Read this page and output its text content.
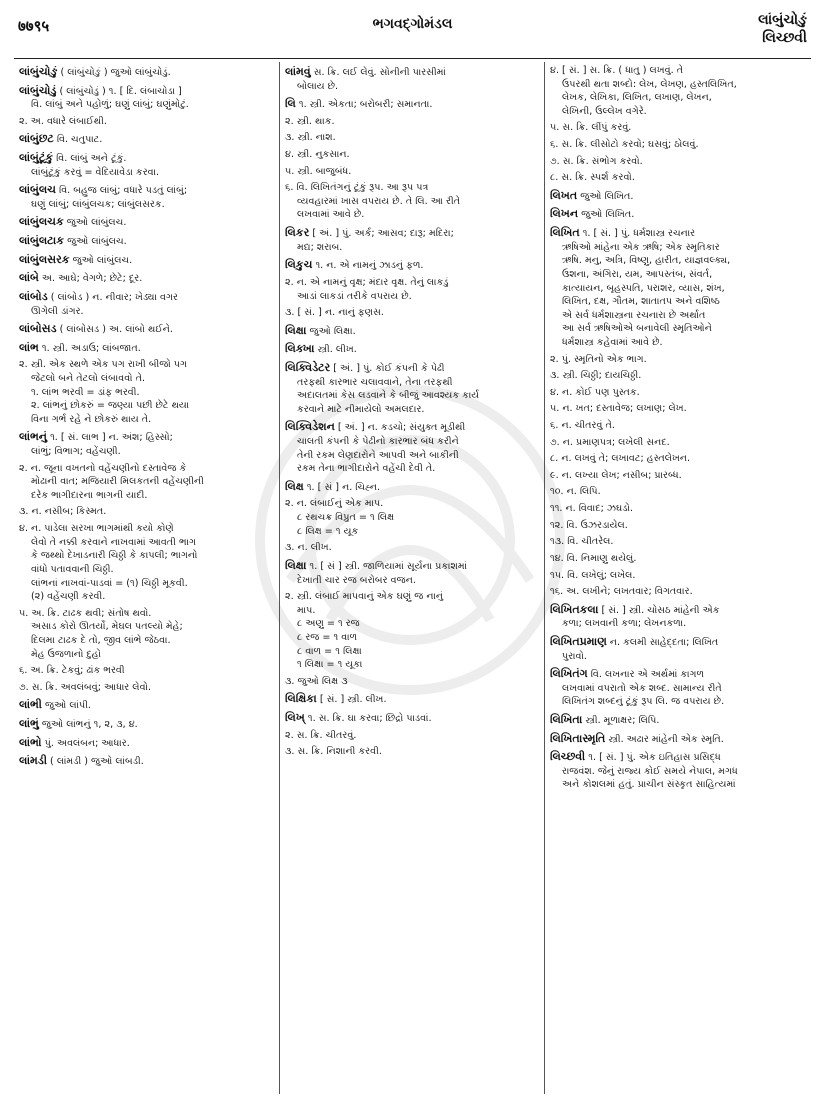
७७९५	ભગવદ્ગોમંડલ	લાંબુંચોઙું
લિચ્છવી
લાંબુંચોઙું ( લાંબુંચોઙું ) જુઓ લાંબુંચોડું.
લાંબુંચોડું ( લાંબુંચોડું ) ૧. [ દિ. લંબાચોડા ]
વિ. લાંબું અને પહોળું; ઘણું લાંબું; ઘણુંમોટું.
૨. અ. વધારે લંબાઈથી.
લાંબુંછટ વિ. ચતુપાટ.
લાંબુંટૂંકું વિ. લાંબું અને ટૂંકું.
લાંબુંટૂંકું કરવું = વેદિયાવેડા કરવા.
લાંબુંલચ વિ. બહુજ લાંબું; વધારે પડતું લાંબું;
ઘણું લાંબું; લાંબુંલચક; લાંબુંલસરક.
લાંબુંલચક જુઓ લાંબુંલચ.
લાંબુંલટાક જુઓ લાંબુંલચ.
લાંબુંલસરક જુઓ લાંબુંલચ.
લાંબે અ. આઘે; વેગળે; છેટે; દૂર.
લાંબોડ ( લાંબોડ ) ન. નીવાર; ખેડ્યા વગર
ઊગેલી ડાંગર.
લાંબોસડ ( લાંબોસડ ) અ. લાંબો થઈને.
લાંભ ૧. સ્ત્રી. અડાઉ; લાંબજાત.
૨. સ્ત્રી. એક સ્થળે એક પગ રાખી બીજો પગ
જેટલો બને તેટલો લંબાવવો તે.
૧. લાંભ ભરવી = ડાંફ ભરવી.
૨. લાંભનું છોકરું = જણ્યા પછી છેટે થયા
વિના ગર્ભ રહે ને છોકરું થાય તે.
લાંભનું ૧. [ સં. લાભ ] ન. અંશ; હિસ્સો;
લાંભું; વિભાગ; વહેંચણી.
૨. ન. જૂના વખતનો વહેંચણીનો દસ્તાવેજ કે
મોઢાની વાત; મજિયારી મિલકતની વહેંચણીની
દરેક ભાગીદારના ભાગની યાદી.
૩. ન. નસીબ; કિસ્મત.
૪. ન. પાડેલા સરખા ભાગમાંથી કયો કોણે
લેવો તે નક્કી કરવાને નાખવામાં આવતી ભાગ
કે જથ્થો દેખાડનારી ચિઠ્ઠી કે કાપલી; ભાગનો
વાંધો પતાવવાની ચિઠ્ઠી.
લાંભનાં નાખવાં-પાડવાં = (૧) ચિઠ્ઠી મૂકવી.
(૨) વહેંચણી કરવી.
૫. અ. ક્રિ. ટાઢક થવી; સંતોષ થવો.
અસાડ કોરો ઊતર્યો, મેઘલ પતલ્યો મેહે;
દિલમા ટાઢક દે તો, જીવ લાંભે જેઠવા.
મેહ ઉજળાનો દુહો
૬. અ. ક્રિ. ટેકવું; ઢાંક ભરવી
૭. સ. ક્રિ. અવલંબવું; આધાર લેવો.
લાંભી જુઓ લાંપી.
લાંભું જુઓ લાંભનું ૧, ૨, ૩, ૪.
લાંભો પું. અવલંબન; આધાર.
લાંમડી ( લાંમડી ) જુઓ લાંબડી.
લાંમવું સ. ક્રિ. લઈ લેવું. સોનીની પારસીમાં
બોલાય છે.
લિ ૧. સ્ત્રી. એકતા; બરોબરી; સમાનતા.
૨. સ્ત્રી. થાક.
૩. સ્ત્રી. નાશ.
૪. સ્ત્રી. નુકસાન.
૫. સ્ત્રી. બાજુબંધ.
૬. વિ. લિખિતંગનું ટૂંકું રૂપ. આ રૂપ પત્ર
વ્યવહારમાં ખાસ વપરાય છે. તે લિ. આ રીતે
લખવામાં આવે છે.
લિકર [ અં. ] પું. અર્ક; આસવ; દારૂ; મદિરા;
મદ્ય; શરાબ.
લિકુચ ૧. ન. એ નામનું ઝાડનું ફળ.
૨. ન. એ નામનું વૃક્ષ; મંદાર વૃક્ષ. તેનું લાકડું
આડાં લાકડાં તરીકે વપરાય છે.
૩. [ સં. ] ન. નાનું ફણસ.
લિક્ષા જુઓ લિક્ષા.
લિક્ખા સ્ત્રી. લીખ.
લિક્વિડેટર [ અં. ] પું. કોઈ કંપની કે પેઢી
તરફથી કારભાર ચલાવવાને, તેના તરફથી
અદાલતમાં કેસ લડવાને કે બીજું આવશ્યક કાર્ય
કરવાને માટે નીમાયેલો અમલદાર.
લિક્વિડેશન [ અં. ] ન. કડચો; સંયુક્ત મૂડીથી
ચાલતી કંપની કે પેઢીનો કારભાર બંધ કરીને
તેની રકમ લેણદારોને આપવી અને બાકીની
રકમ તેના ભાગીદારોને વહેંચી દેવી તે.
લિક્ષ ૧. [ સં ] ન. ચિહ્ન.
૨. ન. લંબાઈનું એક માપ.
૮ રથચક્ર વિપ્રુત = ૧ લિક્ષ
૮ લિક્ષ = ૧ યૂક
૩. ન. લીખ.
લિક્ષા ૧. [ સં ] સ્ત્રી. જાળિયામાં સૂર્યના પ્રકાશમાં
દેખાતી ચાર રજ બરોબર વજન.
૨. સ્ત્રી. લંબાઈ માપવાનું એક ઘણું જ નાનું
માપ.
૮ અણુ = ૧ રજ
૮ રજ = ૧ વાળ
૮ વાળ = ૧ લિક્ષા
૧ લિક્ષા = ૧ યૂકા
૩. જુઓ લિક્ષ ૩
લિક્ષિકા [ સં. ] સ્ત્રી. લીખ.
લિખ્ ૧. સ. ક્રિ. ઘા કરવા; છિદ્રો પાડવાં.
૨. સ. ક્રિ. ચીતરવું.
૩. સ. ક્રિ. નિશાની કરવી.
૪. [ સં. ] સ. ક્રિ. ( ધાતુ ) લખવું. તે
ઉપરથી થતા શબ્દો: લેખ, લેખણ, હસ્તલિખિત,
લેખક, લેખિકા, લિખિત, લખાણ, લેખન,
લેખિની, ઉલ્લેખ વગેરે.
૫. સ. ક્રિ. લીંપું કરવું.
૬. સ. ક્રિ. લીસોટો કરવો; ઘસવું; ઠોલવું.
૭. સ. ક્રિ. સંભોગ કરવો.
૮. સ. ક્રિ. સ્પર્શ કરવો.
લિખત જુઓ લિખિત.
લિખન જુઓ લિખિત.
લિખિત ૧. [ સં. ] પું. ધર્મશાસ્ત્ર રચનાર
ઋષિઓ માંહેના એક ઋષિ; એક સ્મૃતિકાર
ઋષિ. મનુ, અત્રિ, વિષ્ણુ, હારીત, યાજ્ઞવલ્ક્ય,
ઉશના, અંગિરા, યમ, આપસ્તંબ, સંવર્ત,
કાત્યાયન, બૃહસ્પતિ, પરાશર, વ્યાસ, શંખ,
લિખિત, દક્ષ, ગૌતમ, શાતાતપ અને વશિષ્ઠ
એ સર્વ ધર્મશાસ્ત્રના રચનારા છે અર્થાત
આ સર્વ ઋષિઓએ બનાવેલી સ્મૃતિઓને
ધર્મશાસ્ત્ર કહેવામાં આવે છે.
૨. પું. સ્મૃતિનો એક ભાગ.
૩. સ્ત્રી. ચિઠ્ઠી; દાયચિઠ્ઠી.
૪. ન. કોઈ પણ પુસ્તક.
૫. ન. ખત; દસ્તાવેજ; લખાણ; લેખ.
૬. ન. ચીતરવું તે.
૭. ન. પ્રમાણપત્ર; લખેલી સનદ.
૮. ન. લખવું તે; લખાવટ; હસ્તલેખન.
૯. ન. લખ્યા લેખ; નસીબ; પ્રારબ્ધ.
૧૦. ન. લિપિ.
૧૧. ન. વિવાદ; ઝઘડો.
૧૨. વિ. ઉઝરડાયેલ.
૧૩. વિ. ચીતરેલ.
૧૪. વિ. નિમાણુ થયેલું.
૧૫. વિ. લખેલું; લખેલ.
૧૬. અ. લખીને; લખતવાર; વિગતવાર.
લિખિતકલા [ સં. ] સ્ત્રી. ચોસઠ માંહેની એક
કળા; લખવાની કળા; લેખનકળા.
લિખિતપ્રમાણ ન. કલમી સાહેદ્દતા; લિખિત
પુરાવો.
લિખિતંગ વિ. લખનાર એ અર્થમાં કાગળ
લખવામાં વપરાતો એક શબ્દ. સામાન્ય રીતે
લિખિતંગ શબ્દનું ટૂંકું રૂપ લિ. જ વપરાય છે.
લિખિતા સ્ત્રી. મૂળાક્ષર; લિપિ.
લિખિતાસ્મૃતિ સ્ત્રી. અઢાર માંહેની એક સ્મૃતિ.
લિચ્છવી ૧. [ સં. ] પું. એક ઇતિહાસ પ્રસિદ્ધ
રાજવંશ. જેનું રાજ્ય કોઈ સમયે નેપાલ, મગધ
અને કોશલમાં હતું. પ્રાચીન સંસ્કૃત સાહિત્યમાં
